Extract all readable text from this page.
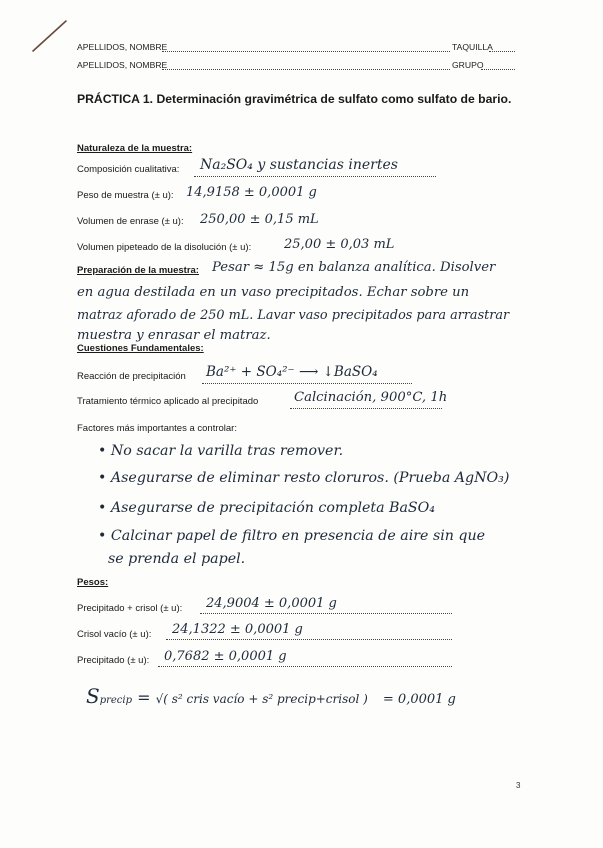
APELLIDOS, NOMBRE	TAQUILLA
APELLIDOS, NOMBRE	GRUPO
PRÁCTICA 1. Determinación gravimétrica de sulfato como sulfato de bario.
Naturaleza de la muestra:
Composición cualitativa: Na₂SO₄ y sustancias inertes
Peso de muestra (± u): 14,9158 ± 0,0001 g
Volumen de enrase (± u): 250,00 ± 0,15 mL
Volumen pipeteado de la disolución (± u):	25,00 ± 0,03 mL
Preparación de la muestra: Pesar ≈ 15g en balanza analítica. Disolver
en agua destilada en un vaso precipitados. Echar sobre un
matraz aforado de 250 mL. Lavar vaso precipitados para arrastrar
muestra y enrasar el matraz.
Cuestiones Fundamentales:
Reacción de precipitación Ba²⁺ + SO₄²⁻ ⟶ ↓BaSO₄
Tratamiento térmico aplicado al precipitado	Calcinación, 900°C, 1h
Factores más importantes a controlar:
• No sacar la varilla tras remover.
• Asegurarse de eliminar resto cloruros. (Prueba AgNO₃)
• Asegurarse de precipitación completa BaSO₄
• Calcinar papel de filtro en presencia de aire sin que
se prenda el papel.
Pesos:
Precipitado + crisol (± u): 24,9004 ± 0,0001 g
Crisol vacío (± u): 24,1322 ± 0,0001 g
Precipitado (± u): 0,7682 ± 0,0001 g
Sprecip = √( s² cris vacío + s² precip+crisol ) = 0,0001 g
3
